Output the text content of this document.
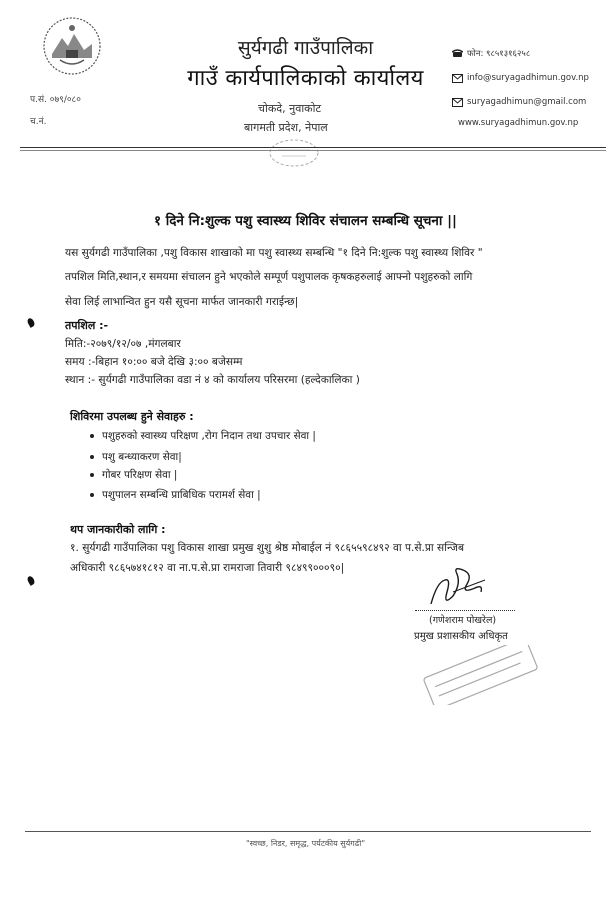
प.सं. ०७९/०८०
च.नं.
सुर्यगढी गाउँपालिका
गाउँ कार्यपालिकाको कार्यालय
चोकदे, नुवाकोट
बागमती प्रदेश, नेपाल
फोन: ९८५१३१६२५८
info@suryagadhimun.gov.np
suryagadhimun@gmail.com
www.suryagadhimun.gov.np
१ दिने नि:शुल्क पशु स्वास्थ्य शिविर संचालन सम्बन्धि सूचना ||
यस सुर्यगढी गाउँपालिका ,पशु विकास शाखाको मा पशु स्वास्थ्य सम्बन्धि "१ दिने नि:शुल्क पशु स्वास्थ्य शिविर "
तपशिल मिति,स्थान,र समयमा संचालन हुने भएकोले सम्पूर्ण पशुपालक कृषकहरुलाई आफ्नो पशुहरुको लागि
सेवा लिई लाभान्वित हुन यसै सूचना मार्फत जानकारी गराईन्छ|
तपशिल :-
मिति:-२०७९/१२/०७ ,मंगलबार
समय :-बिहान १०:०० बजे देखि ३:०० बजेसम्म
स्थान :- सुर्यगढी गाउँपालिका वडा नं ४ को कार्यालय परिसरमा (हल्देकालिका )
शिविरमा उपलब्ध हुने सेवाहरु :
पशुहरुको स्वास्थ्य परिक्षण ,रोग निदान तथा उपचार सेवा |
पशु बन्ध्याकरण सेवा|
गोबर परिक्षण सेवा |
पशुपालन सम्बन्धि प्राबिधिक परामर्श सेवा |
थप जानकारीको लागि :
१. सुर्यगढी गाउँपालिका पशु विकास शाखा प्रमुख शुशु श्रेष्ठ मोबाईल नं ९८६५५९८४९२ वा प.से.प्रा सन्जिब
अधिकारी ९८६५७४१८१२ वा ना.प.से.प्रा रामराजा तिवारी ९८४९९०००९०|
(गणेशराम पोखरेल)
प्रमुख प्रशासकीय अधिकृत
"स्वच्छ, निडर, समृद्ध, पर्यटकीय सुर्यगढी"
